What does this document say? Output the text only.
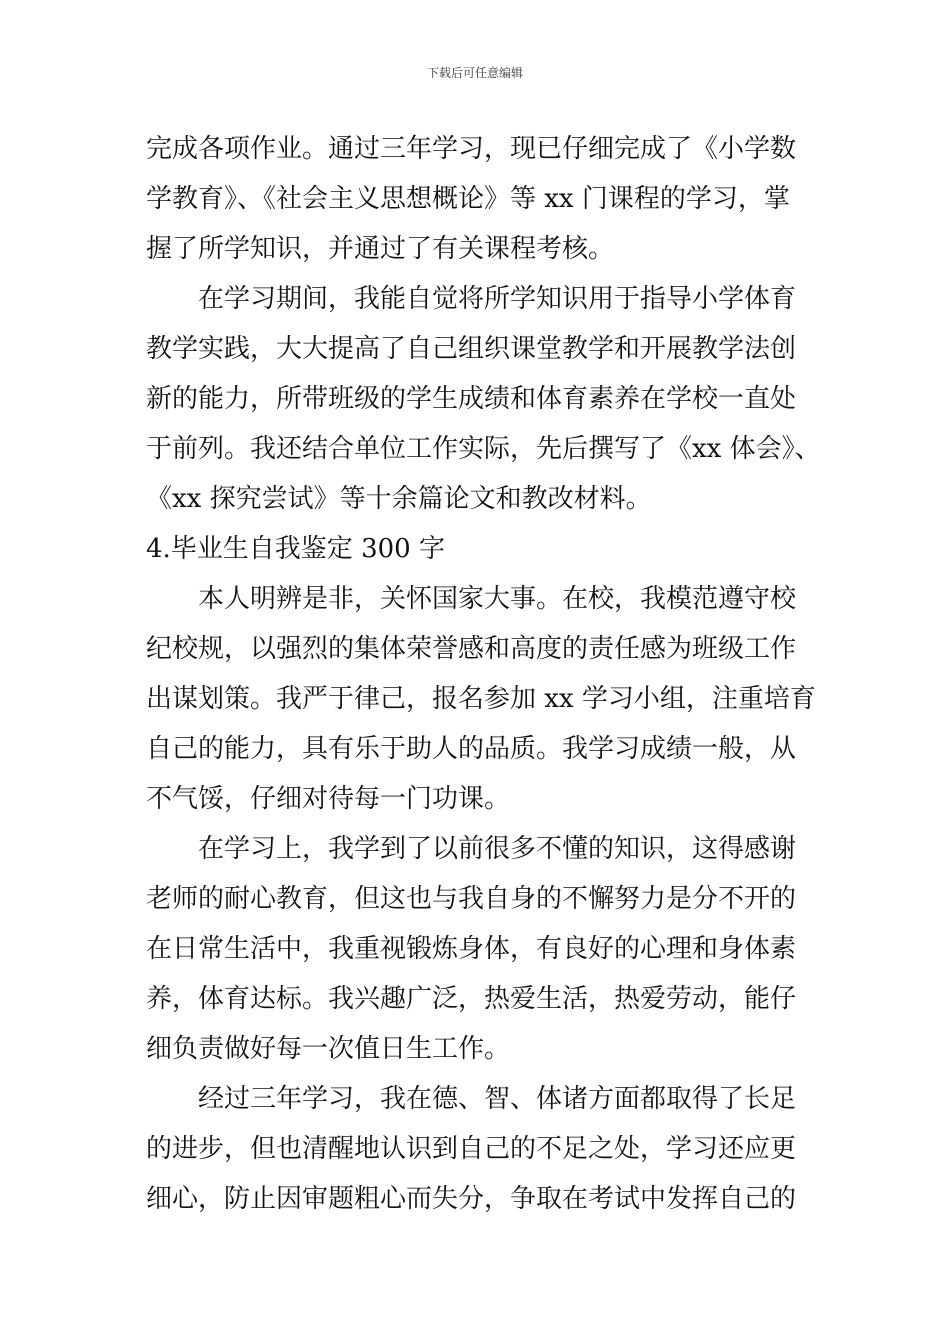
下载后可任意编辑
完成各项作业。通过三年学习，现已仔细完成了《小学数
学教育》、《社会主义思想概论》等 xx 门课程的学习，掌
握了所学知识，并通过了有关课程考核。
在学习期间，我能自觉将所学知识用于指导小学体育
教学实践，大大提高了自己组织课堂教学和开展教学法创
新的能力，所带班级的学生成绩和体育素养在学校一直处
于前列。我还结合单位工作实际，先后撰写了《xx 体会》、
《xx 探究尝试》等十余篇论文和教改材料。
4.毕业生自我鉴定 300 字
本人明辨是非，关怀国家大事。在校，我模范遵守校
纪校规，以强烈的集体荣誉感和高度的责任感为班级工作
出谋划策。我严于律己，报名参加 xx 学习小组，注重培育
自己的能力，具有乐于助人的品质。我学习成绩一般，从
不气馁，仔细对待每一门功课。
在学习上，我学到了以前很多不懂的知识，这得感谢
老师的耐心教育，但这也与我自身的不懈努力是分不开的
在日常生活中，我重视锻炼身体，有良好的心理和身体素
养，体育达标。我兴趣广泛，热爱生活，热爱劳动，能仔
细负责做好每一次值日生工作。
经过三年学习，我在德、智、体诸方面都取得了长足
的进步，但也清醒地认识到自己的不足之处，学习还应更
细心，防止因审题粗心而失分，争取在考试中发挥自己的
